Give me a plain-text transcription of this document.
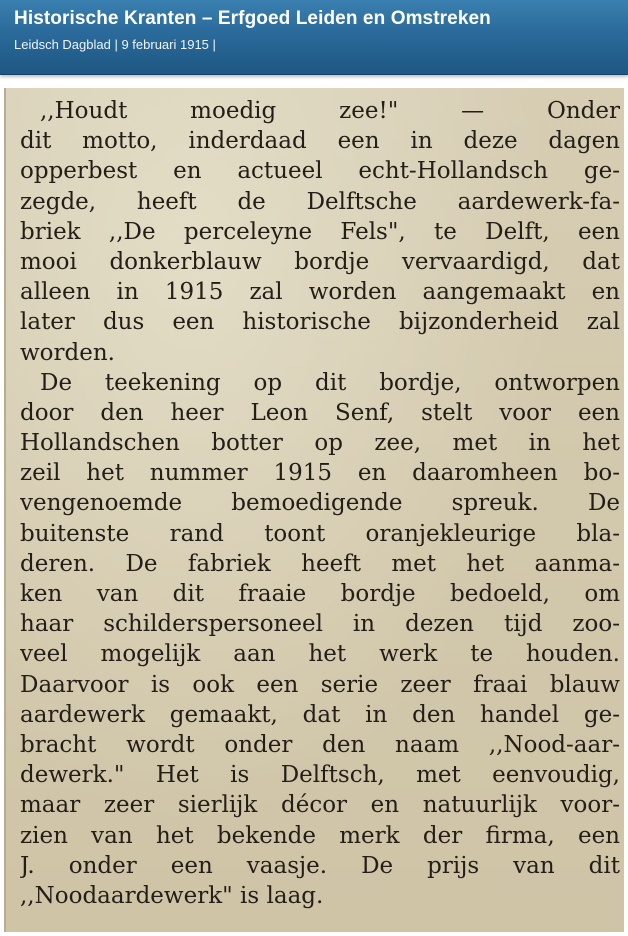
Historische Kranten – Erfgoed Leiden en Omstreken
Leidsch Dagblad | 9 februari 1915 |
,,Houdt moedig zee!" — Onder
dit motto, inderdaad een in deze dagen
opperbest en actueel echt-Hollandsch ge-
zegde, heeft de Delftsche aardewerk-fa-
briek ,,De perceleyne Fels", te Delft, een
mooi donkerblauw bordje vervaardigd, dat
alleen in 1915 zal worden aangemaakt en
later dus een historische bijzonderheid zal
worden.
De teekening op dit bordje, ontworpen
door den heer Leon Senf, stelt voor een
Hollandschen botter op zee, met in het
zeil het nummer 1915 en daaromheen bo-
vengenoemde bemoedigende spreuk. De
buitenste rand toont oranjekleurige bla-
deren. De fabriek heeft met het aanma-
ken van dit fraaie bordje bedoeld, om
haar schilderspersoneel in dezen tijd zoo-
veel mogelijk aan het werk te houden.
Daarvoor is ook een serie zeer fraai blauw
aardewerk gemaakt, dat in den handel ge-
bracht wordt onder den naam ,,Nood-aar-
dewerk." Het is Delftsch, met eenvoudig,
maar zeer sierlijk décor en natuurlijk voor-
zien van het bekende merk der firma, een
J. onder een vaasje. De prijs van dit
,,Noodaardewerk" is laag.
